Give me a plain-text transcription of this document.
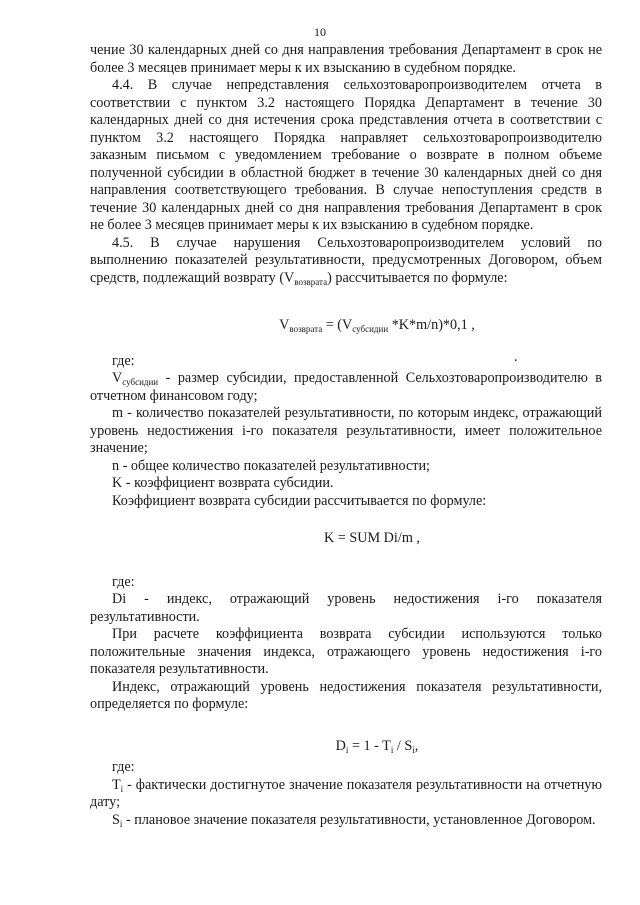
10

чение 30 календарных дней со дня направления требования Департамент в срок не более 3 месяцев принимает меры к их взысканию в судебном порядке.

4.4. В случае непредставления сельхозтоваропроизводителем отчета в соответствии с пунктом 3.2 настоящего Порядка Департамент в течение 30 календарных дней со дня истечения срока представления отчета в соответствии с пунктом 3.2 настоящего Порядка направляет сельхозтоваропроизводителю заказным письмом с уведомлением требование о возврате в полном объеме полученной субсидии в областной бюджет в течение 30 календарных дней со дня направления соответствующего требования. В случае непоступления средств в течение 30 календарных дней со дня направления требования Департамент в срок не более 3 месяцев принимает меры к их взысканию в судебном порядке.

4.5. В случае нарушения Сельхозтоваропроизводителем условий по выполнению показателей результативности, предусмотренных Договором, объем средств, подлежащий возврату $(V_{возврата})$ рассчитывается по формуле:

$V_{возврата} = (V_{субсидии}$ *K*m/n)*0,1 ,

где:	.

$V_{субсидии}$ - размер субсидии, предоставленной Сельхозтоваропроизводителю в отчетном финансовом году;

m - количество показателей результативности, по которым индекс, отражающий уровень недостижения i-го показателя результативности, имеет положительное значение;

n - общее количество показателей результативности;

K - коэффициент возврата субсидии.

Коэффициент возврата субсидии рассчитывается по формуле:

K = SUM Di/m ,

где:

Di - индекс, отражающий уровень недостижения i-го показателя результативности.

При расчете коэффициента возврата субсидии используются только положительные значения индекса, отражающего уровень недостижения i-го показателя результативности.

Индекс, отражающий уровень недостижения показателя результативности, определяется по формуле:

$D_i = 1 - T_i / S_i$,

где:

$T_i$ - фактически достигнутое значение показателя результативности на отчетную дату;

$S_i$ - плановое значение показателя результативности, установленное Договором.
